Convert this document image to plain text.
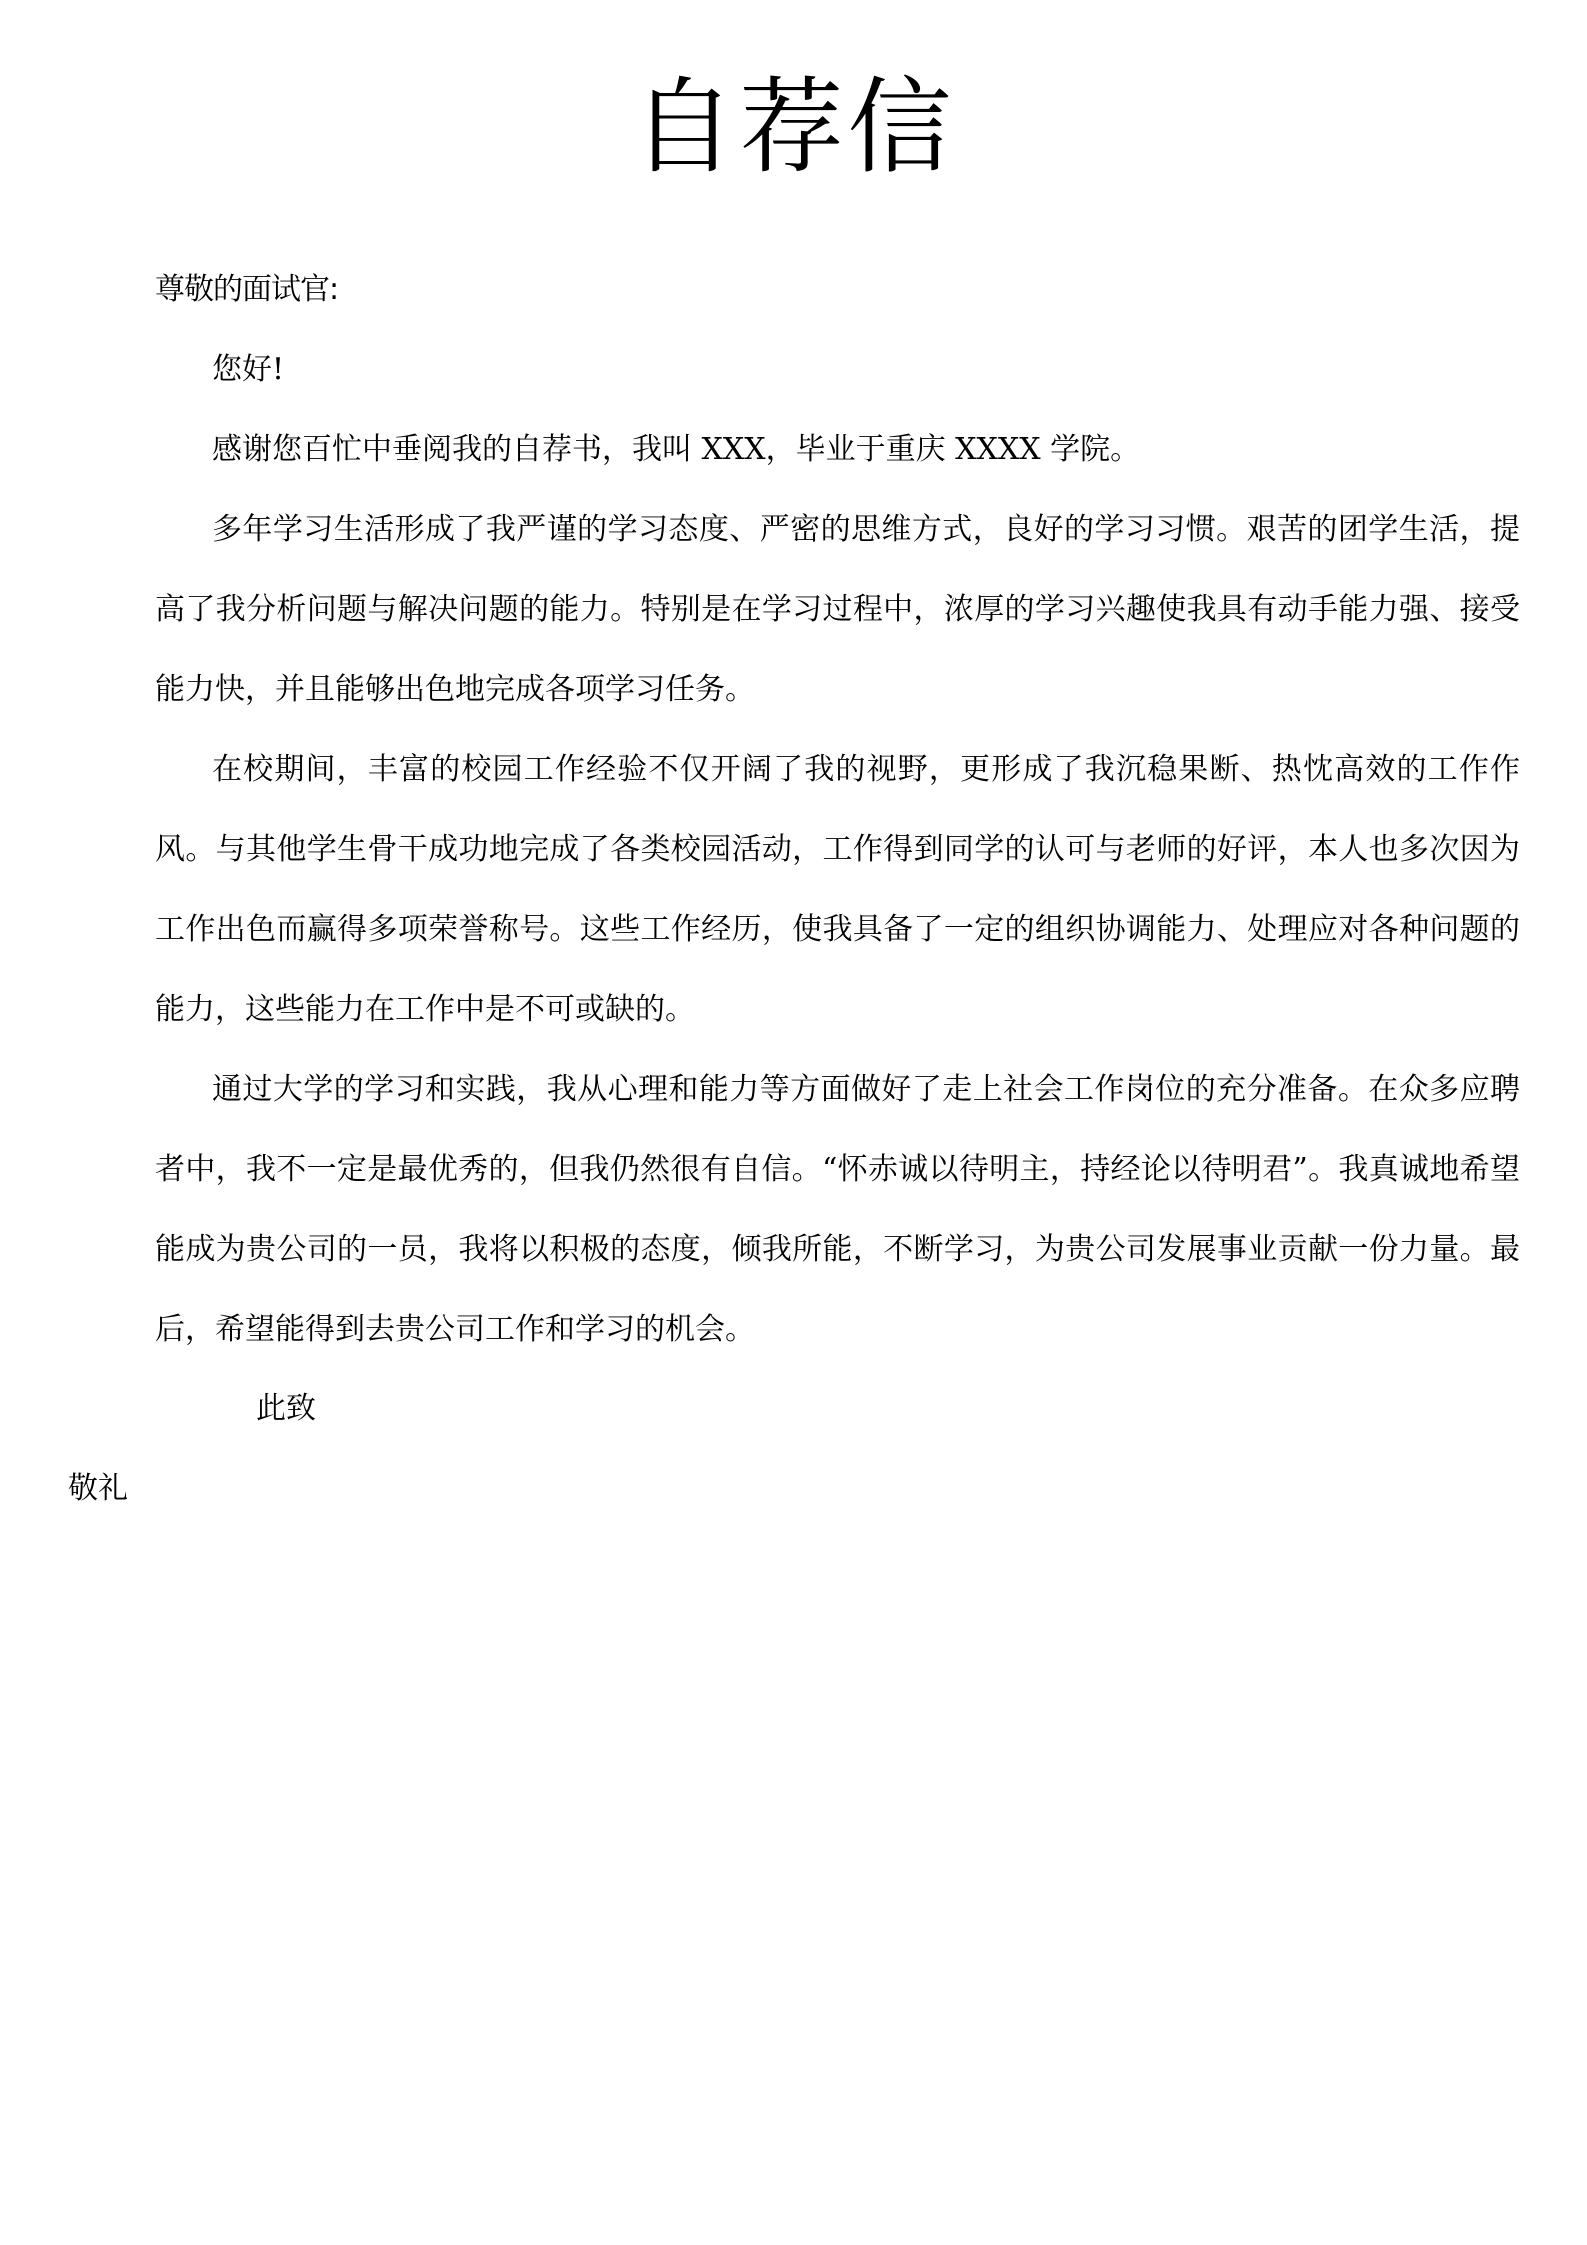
自荐信
尊敬的面试官:
您好!
感谢您百忙中垂阅我的自荐书，我叫 XXX，毕业于重庆 XXXX 学院。
多年学习生活形成了我严谨的学习态度、严密的思维方式，良好的学习习惯。艰苦的团学生活，提高了我分析问题与解决问题的能力。特别是在学习过程中，浓厚的学习兴趣使我具有动手能力强、接受能力快，并且能够出色地完成各项学习任务。
在校期间，丰富的校园工作经验不仅开阔了我的视野，更形成了我沉稳果断、热忱高效的工作作风。与其他学生骨干成功地完成了各类校园活动，工作得到同学的认可与老师的好评，本人也多次因为工作出色而赢得多项荣誉称号。这些工作经历，使我具备了一定的组织协调能力、处理应对各种问题的能力，这些能力在工作中是不可或缺的。
通过大学的学习和实践，我从心理和能力等方面做好了走上社会工作岗位的充分准备。在众多应聘者中，我不一定是最优秀的，但我仍然很有自信。“怀赤诚以待明主，持经论以待明君”。我真诚地希望能成为贵公司的一员，我将以积极的态度，倾我所能，不断学习，为贵公司发展事业贡献一份力量。最后，希望能得到去贵公司工作和学习的机会。
此致
敬礼
